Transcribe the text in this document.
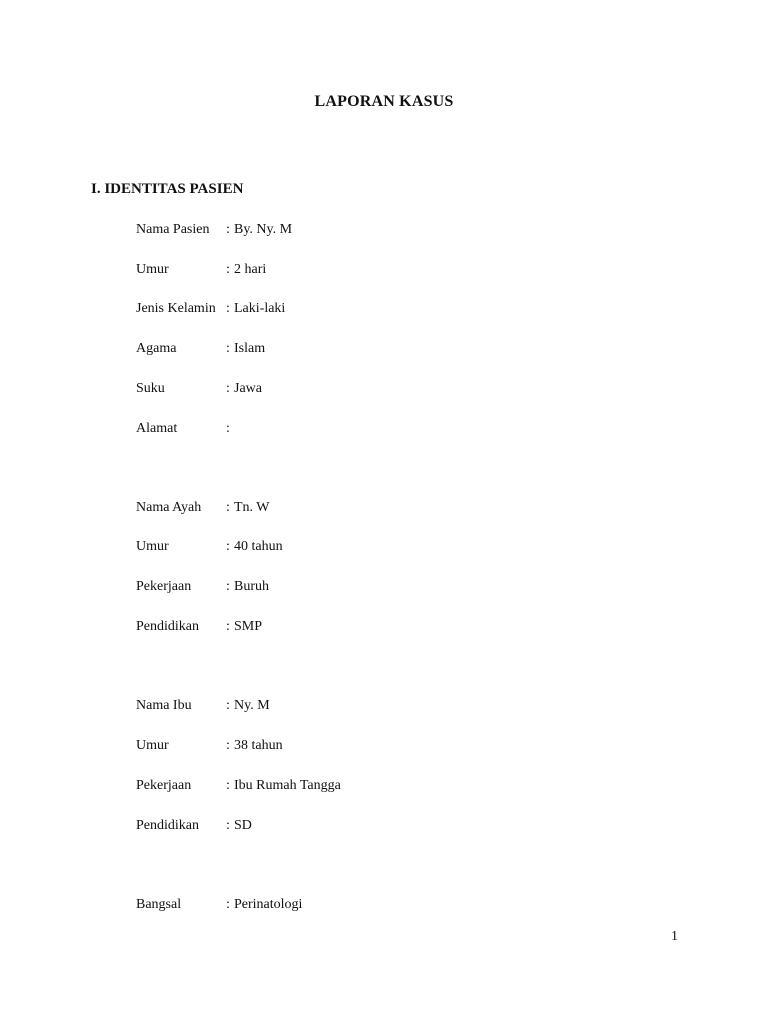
LAPORAN KASUS
I. IDENTITAS PASIEN
Nama Pasien : By. Ny. M
Umur	: 2 hari
Jenis Kelamin : Laki-laki
Agama	: Islam
Suku	: Jawa
Alamat	:
Nama Ayah : Tn. W
Umur	: 40 tahun
Pekerjaan : Buruh
Pendidikan : SMP
Nama Ibu : Ny. M
Umur	: 38 tahun
Pekerjaan : Ibu Rumah Tangga
Pendidikan : SD
Bangsal	: Perinatologi
1
